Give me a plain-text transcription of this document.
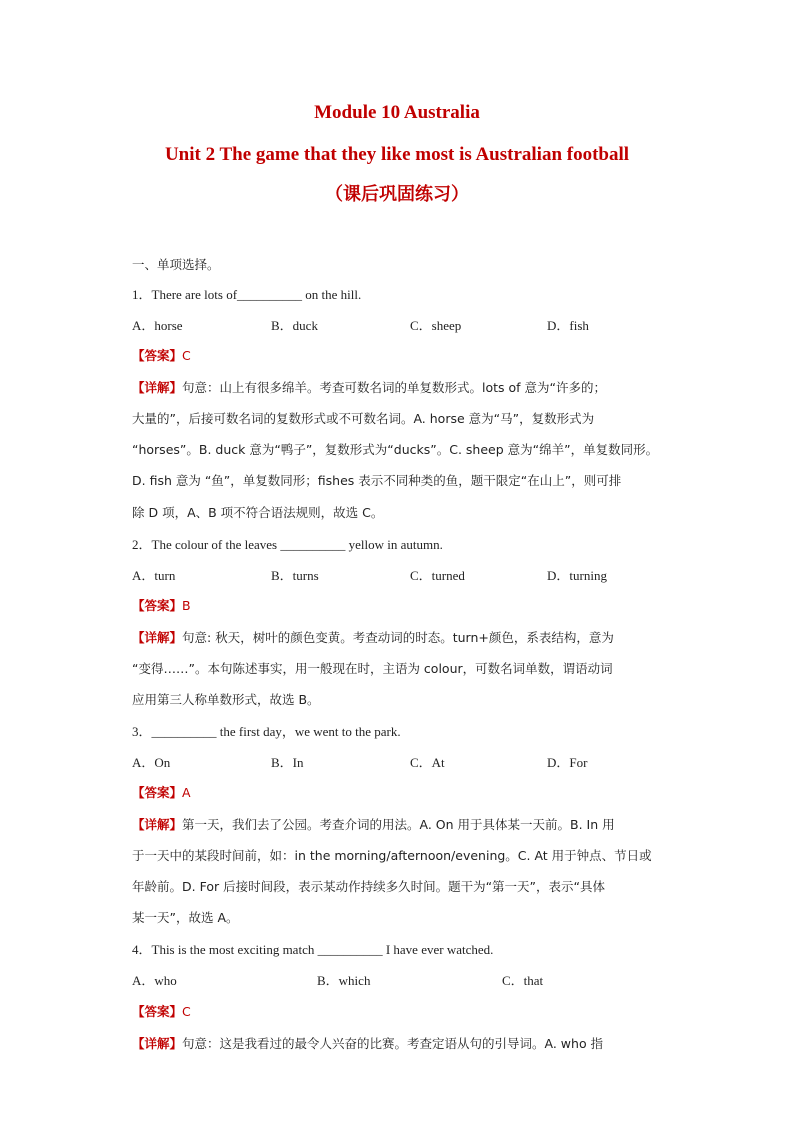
Module 10 Australia
Unit 2 The game that they like most is Australian football
（课后巩固练习）
一、单项选择。
1．There are lots of__________ on the hill.
A．horse	B．duck	C．sheep	D．fish
【答案】C
【详解】句意：山上有很多绵羊。考查可数名词的单复数形式。lots of 意为“许多的；
大量的”，后接可数名词的复数形式或不可数名词。A. horse 意为“马”，复数形式为
“horses”。B. duck 意为“鸭子”，复数形式为“ducks”。C. sheep 意为“绵羊”，单复数同形。
D. fish 意为 “鱼”，单复数同形；fishes 表示不同种类的鱼，题干限定“在山上”，则可排
除 D 项，A、B 项不符合语法规则，故选 C。
2．The colour of the leaves __________ yellow in autumn.
A．turn	B．turns	C．turned	D．turning
【答案】B
【详解】句意: 秋天，树叶的颜色变黄。考查动词的时态。turn+颜色，系表结构，意为
“变得……”。本句陈述事实，用一般现在时，主语为 colour，可数名词单数，谓语动词
应用第三人称单数形式，故选 B。
3．__________ the first day，we went to the park.
A．On	B．In	C．At	D．For
【答案】A
【详解】第一天，我们去了公园。考查介词的用法。A. On 用于具体某一天前。B. In 用
于一天中的某段时间前，如：in the morning/afternoon/evening。C. At 用于钟点、节日或
年龄前。D. For 后接时间段，表示某动作持续多久时间。题干为“第一天”，表示“具体
某一天”，故选 A。
4．This is the most exciting match __________ I have ever watched.
A．who	B．which	C．that
【答案】C
【详解】句意：这是我看过的最令人兴奋的比赛。考查定语从句的引导词。A. who 指
